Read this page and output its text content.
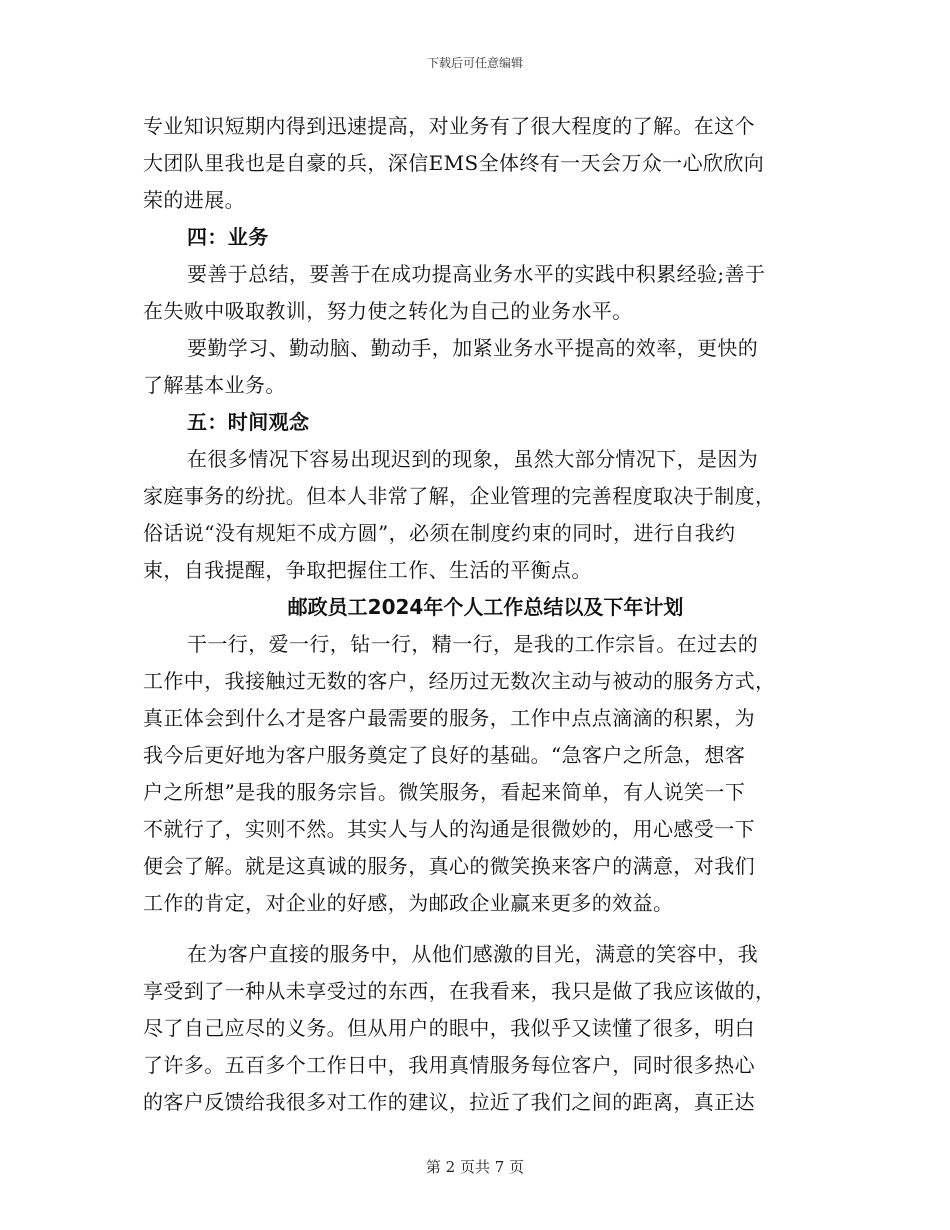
下载后可任意编辑
专业知识短期内得到迅速提高，对业务有了很大程度的了解。在这个
大团队里我也是自豪的兵，深信EMS全体终有一天会万众一心欣欣向
荣的进展。
四：业务
要善于总结，要善于在成功提高业务水平的实践中积累经验;善于
在失败中吸取教训，努力使之转化为自己的业务水平。
要勤学习、勤动脑、勤动手，加紧业务水平提高的效率，更快的
了解基本业务。
五：时间观念
在很多情况下容易出现迟到的现象，虽然大部分情况下，是因为
家庭事务的纷扰。但本人非常了解，企业管理的完善程度取决于制度，
俗话说“没有规矩不成方圆”，必须在制度约束的同时，进行自我约
束，自我提醒，争取把握住工作、生活的平衡点。
邮政员工2024年个人工作总结以及下年计划
干一行，爱一行，钻一行，精一行，是我的工作宗旨。在过去的
工作中，我接触过无数的客户，经历过无数次主动与被动的服务方式，
真正体会到什么才是客户最需要的服务，工作中点点滴滴的积累，为
我今后更好地为客户服务奠定了良好的基础。“急客户之所急，想客
户之所想”是我的服务宗旨。微笑服务，看起来简单，有人说笑一下
不就行了，实则不然。其实人与人的沟通是很微妙的，用心感受一下
便会了解。就是这真诚的服务，真心的微笑换来客户的满意，对我们
工作的肯定，对企业的好感，为邮政企业赢来更多的效益。
在为客户直接的服务中，从他们感激的目光，满意的笑容中，我
享受到了一种从未享受过的东西，在我看来，我只是做了我应该做的，
尽了自己应尽的义务。但从用户的眼中，我似乎又读懂了很多，明白
了许多。五百多个工作日中，我用真情服务每位客户，同时很多热心
的客户反馈给我很多对工作的建议，拉近了我们之间的距离，真正达
第 2 页共 7 页
